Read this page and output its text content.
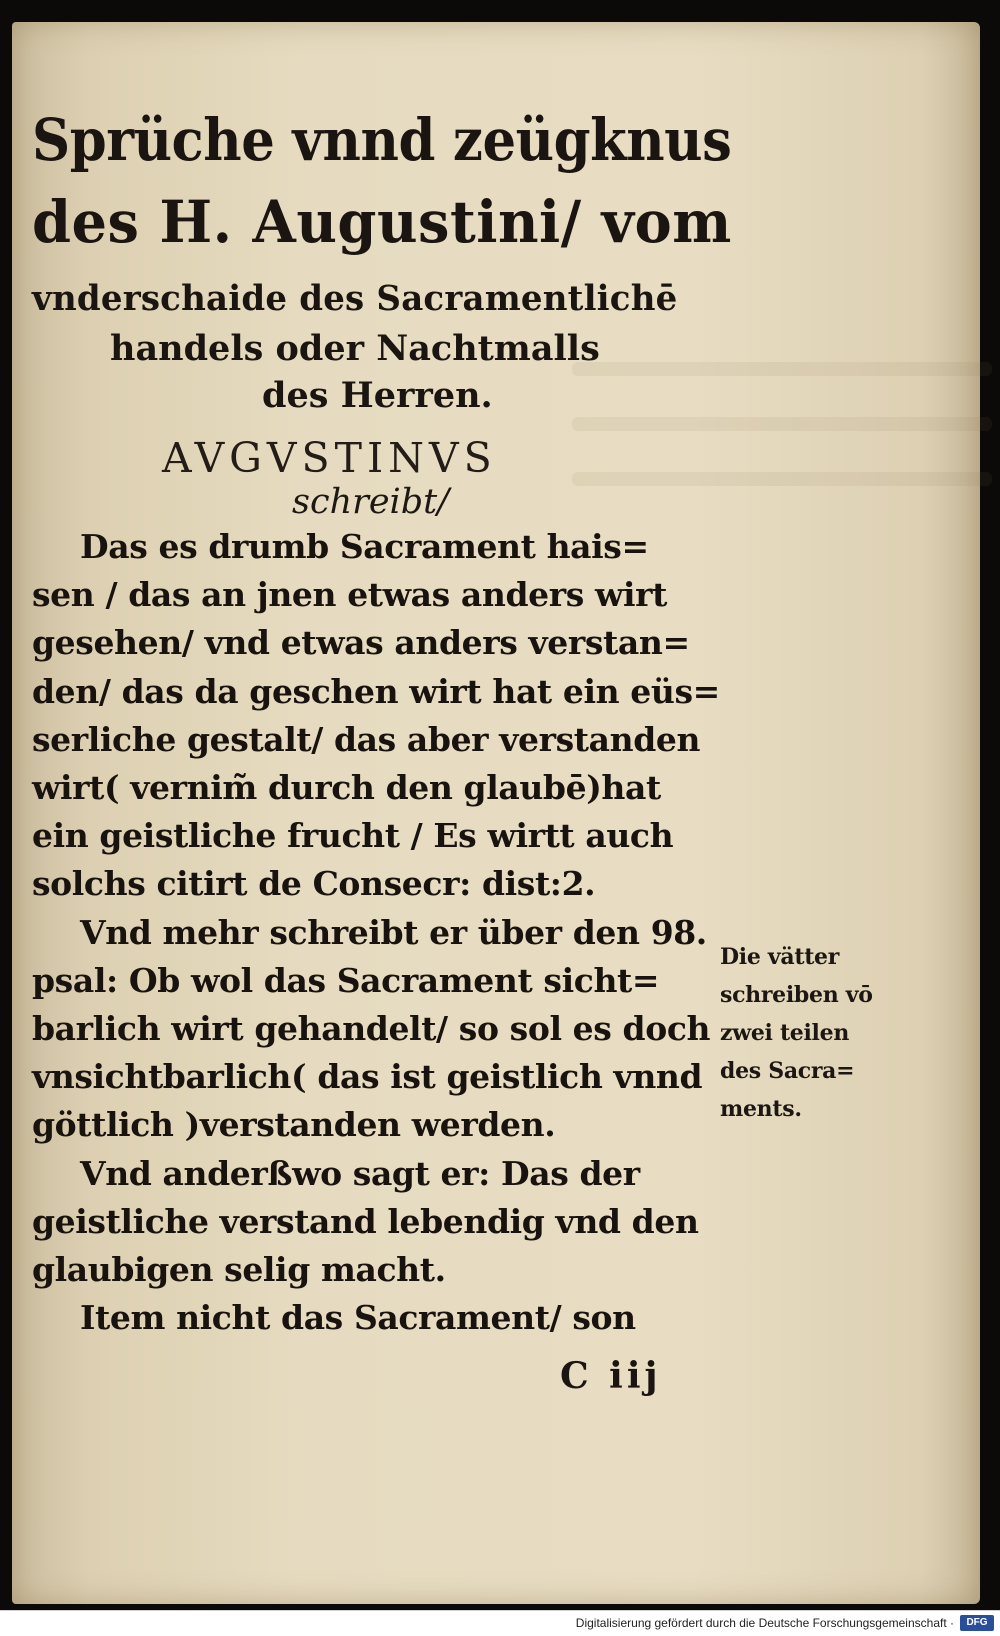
Sprüche vnnd zeügknus
des H. Augustini/ vom
vnderschaide des Sacramentlichē
handels oder Nachtmalls
des Herren.
AVGVSTINVS
schreibt/
Das es drumb Sacrament hais=
sen / das an jnen etwas anders wirt
gesehen/ vnd etwas anders verstan=
den/ das da geschen wirt hat ein eüs=
serliche gestalt/ das aber verstanden
wirt( vernim̃ durch den glaubē)hat
ein geistliche frucht / Es wirtt auch
solchs citirt de Consecr: dist:2.
Vnd mehr schreibt er über den 98.
psal: Ob wol das Sacrament sicht=
barlich wirt gehandelt/ so sol es doch
vnsichtbarlich( das ist geistlich vnnd
göttlich )verstanden werden.
Vnd anderßwo sagt er: Das der
geistliche verstand lebendig vnd den
glaubigen selig macht.
Item nicht das Sacrament/ son
Die vätter
schreiben vō
zwei teilen
des Sacra=
ments.
C iij
Digitalisierung gefördert durch die Deutsche Forschungsgemeinschaft ·	DFG
